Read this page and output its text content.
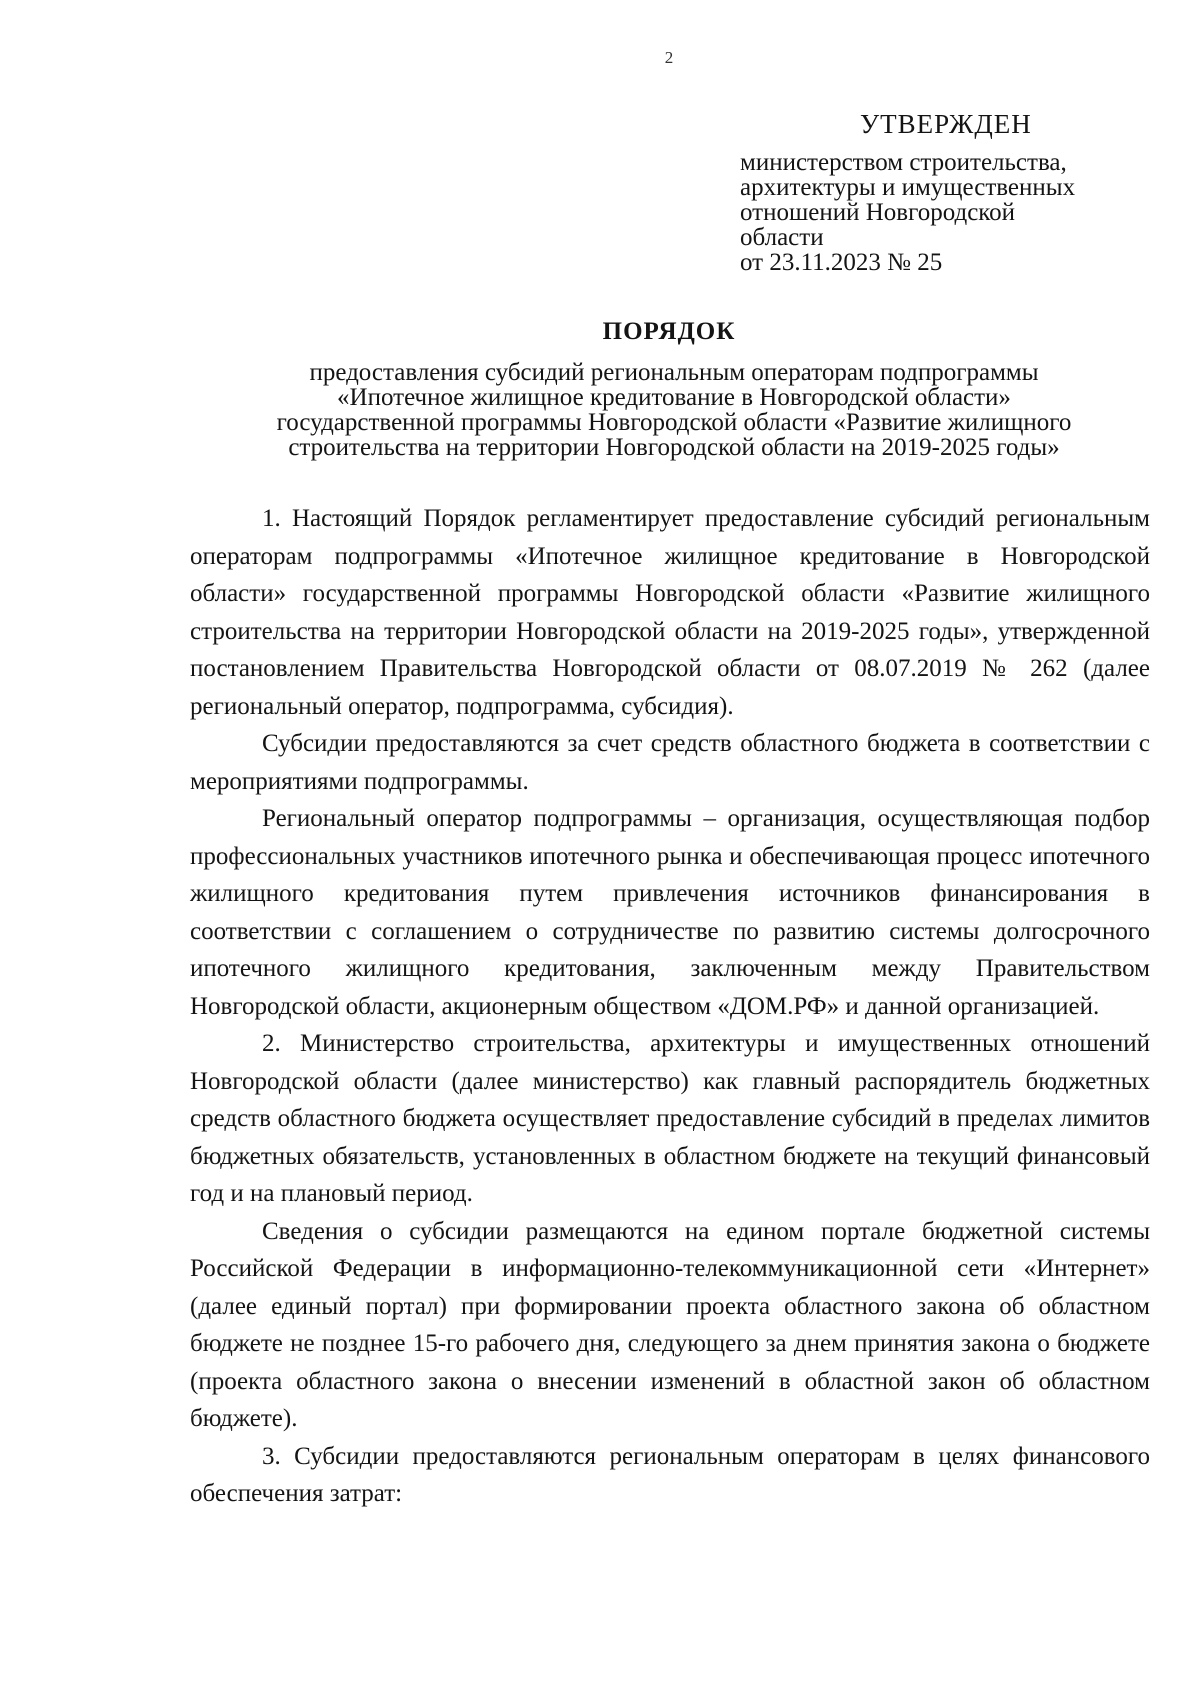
2
УТВЕРЖДЕН
министерством строительства,
архитектуры и имущественных
отношений Новгородской
области
от 23.11.2023 № 25
ПОРЯДОК
предоставления субсидий региональным операторам подпрограммы
«Ипотечное жилищное кредитование в Новгородской области»
государственной программы Новгородской области «Развитие жилищного
строительства на территории Новгородской области на 2019-2025 годы»

1. Настоящий Порядок регламентирует предоставление субсидий региональным операторам подпрограммы «Ипотечное жилищное кредитование в Новгородской области» государственной программы Новгородской области «Развитие жилищного строительства на территории Новгородской области на 2019-2025 годы», утвержденной постановлением Правительства Новгородской области от 08.07.2019 № 262 (далее региональный оператор, подпрограмма, субсидия).

Субсидии предоставляются за счет средств областного бюджета в соответствии с мероприятиями подпрограммы.

Региональный оператор подпрограммы – организация, осуществляющая подбор профессиональных участников ипотечного рынка и обеспечивающая процесс ипотечного жилищного кредитования путем привлечения источников финансирования в соответствии с соглашением о сотрудничестве по развитию системы долгосрочного ипотечного жилищного кредитования, заключенным между Правительством Новгородской области, акционерным обществом «ДОМ.РФ» и данной организацией.

2. Министерство строительства, архитектуры и имущественных отношений Новгородской области (далее министерство) как главный распорядитель бюджетных средств областного бюджета осуществляет предоставление субсидий в пределах лимитов бюджетных обязательств, установленных в областном бюджете на текущий финансовый год и на плановый период.

Сведения о субсидии размещаются на едином портале бюджетной системы Российской Федерации в информационно-телекоммуникационной сети «Интернет» (далее единый портал) при формировании проекта областного закона об областном бюджете не позднее 15-го рабочего дня, следующего за днем принятия закона о бюджете (проекта областного закона о внесении изменений в областной закон об областном бюджете).

3. Субсидии предоставляются региональным операторам в целях финансового обеспечения затрат:
